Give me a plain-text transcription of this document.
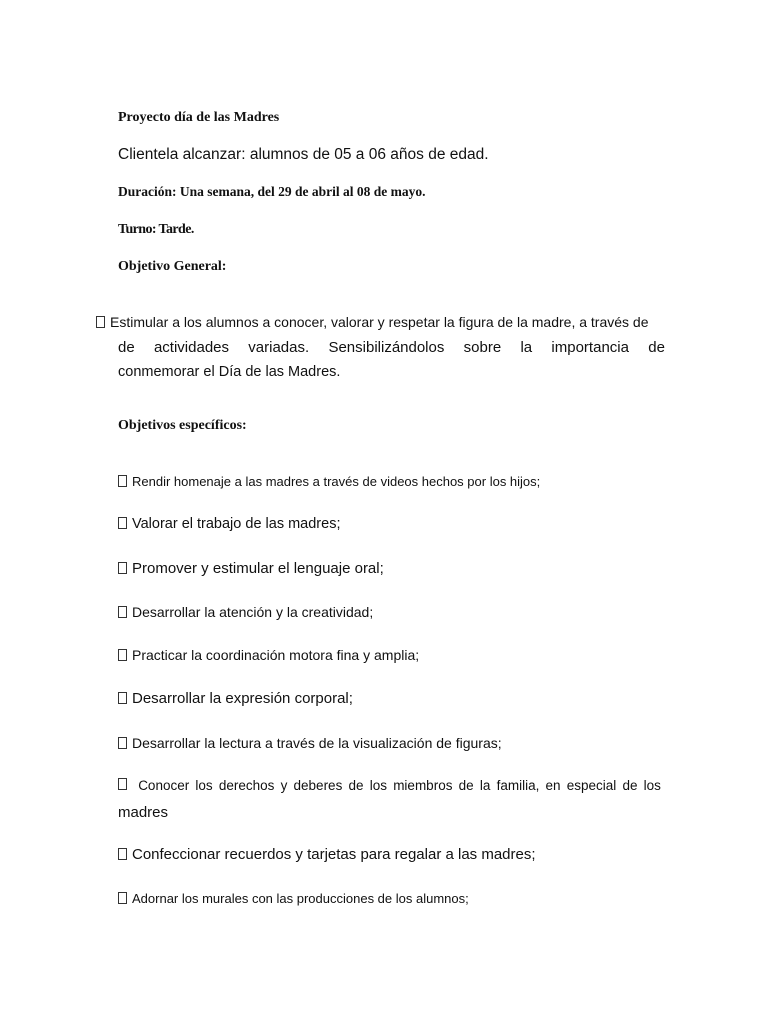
Proyecto día de las Madres
Clientela alcanzar: alumnos de 05 a 06 años de edad.
Duración: Una semana, del 29 de abril al 08 de mayo.
Turno: Tarde.
Objetivo General:
Estimular a los alumnos a conocer, valorar y respetar la figura de la madre, a través de
de actividades variadas. Sensibilizándolos sobre la importancia de
conmemorar el Día de las Madres.
Objetivos específicos:
Rendir homenaje a las madres a través de videos hechos por los hijos;
Valorar el trabajo de las madres;
Promover y estimular el lenguaje oral;
Desarrollar la atención y la creatividad;
Practicar la coordinación motora fina y amplia;
Desarrollar la expresión corporal;
Desarrollar la lectura a través de la visualización de figuras;
Conocer los derechos y deberes de los miembros de la familia, en especial de los
madres
Confeccionar recuerdos y tarjetas para regalar a las madres;
Adornar los murales con las producciones de los alumnos;
